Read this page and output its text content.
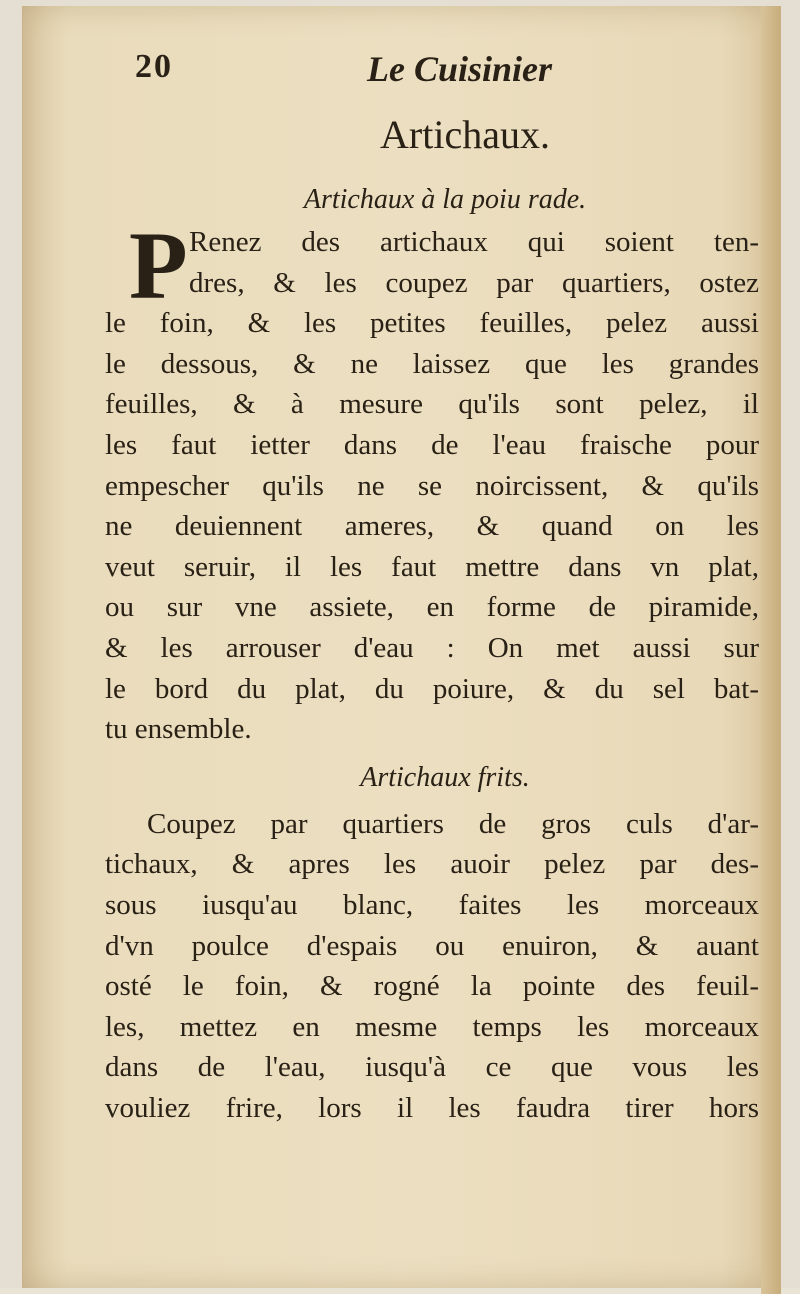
20	Le Cuisinier
Artichaux.
Artichaux à la poiu rade.
P Renez des artichaux qui soient ten-
dres, & les coupez par quartiers, ostez
le foin, & les petites feuilles, pelez aussi
le dessous, & ne laissez que les grandes
feuilles, & à mesure qu'ils sont pelez, il
les faut ietter dans de l'eau fraische pour
empescher qu'ils ne se noircissent, & qu'ils
ne deuiennent ameres, & quand on les
veut seruir, il les faut mettre dans vn plat,
ou sur vne assiete, en forme de piramide,
& les arrouser d'eau : On met aussi sur
le bord du plat, du poiure, & du sel bat-
tu ensemble.

Artichaux frits.

Coupez par quartiers de gros culs d'ar-
tichaux, & apres les auoir pelez par des-
sous iusqu'au blanc, faites les morceaux
d'vn poulce d'espais ou enuiron, & auant
osté le foin, & rogné la pointe des feuil-
les, mettez en mesme temps les morceaux
dans de l'eau, iusqu'à ce que vous les
vouliez frire, lors il les faudra tirer hors
